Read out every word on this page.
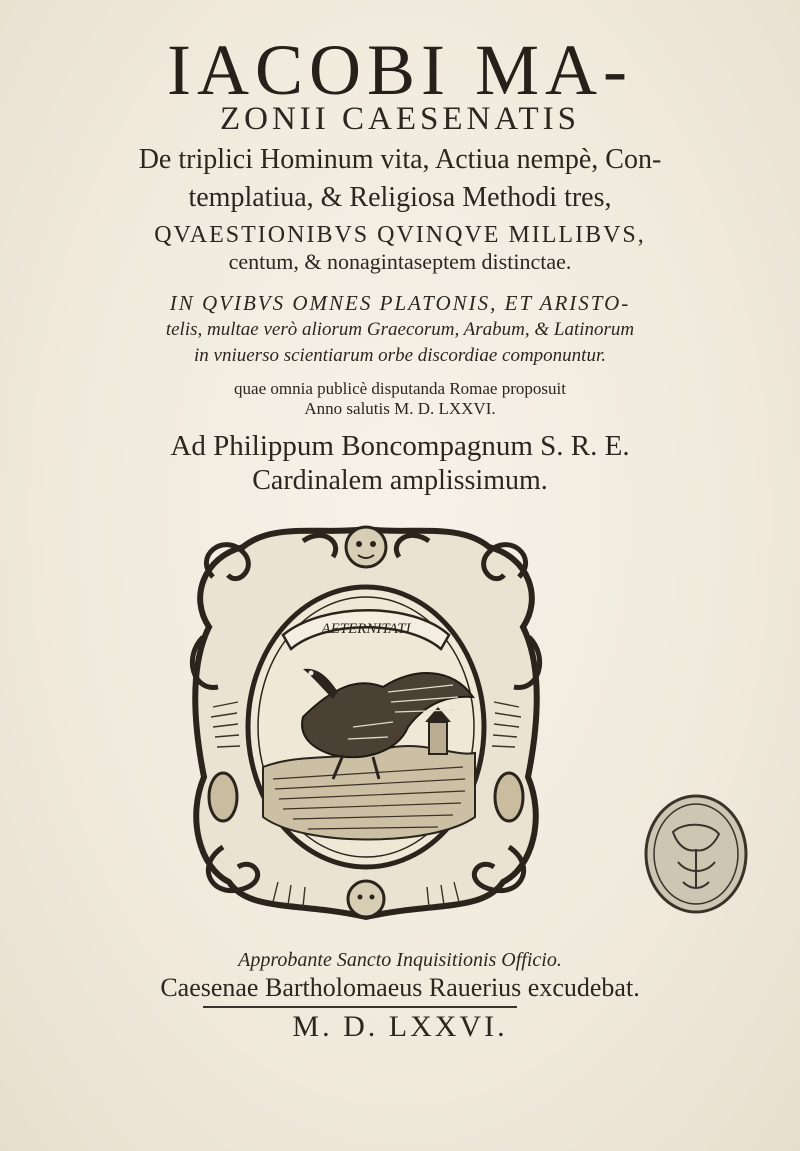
IACOBI MA-
ZONII CAESENATIS
De triplici Hominum vita, Actiua nempè, Con-
templatiua, & Religiosa Methodi tres,
QVAESTIONIBVS QVINQVE MILLIBVS,
centum, & nonagintaseptem distinctae.
IN QVIBVS OMNES PLATONIS, ET ARISTO-
telis, multae verò aliorum Graecorum, Arabum, & Latinorum
in vniuerso scientiarum orbe discordiae componuntur.
quae omnia publicè disputanda Romae proposuit
Anno salutis M. D. LXXVI.
Ad Philippum Boncompagnum S. R. E.
Cardinalem amplissimum.
AETERNITATI
Approbante Sancto Inquisitionis Officio.
Caesenae Bartholomaeus Rauerius excudebat.
M. D. LXXVI.
